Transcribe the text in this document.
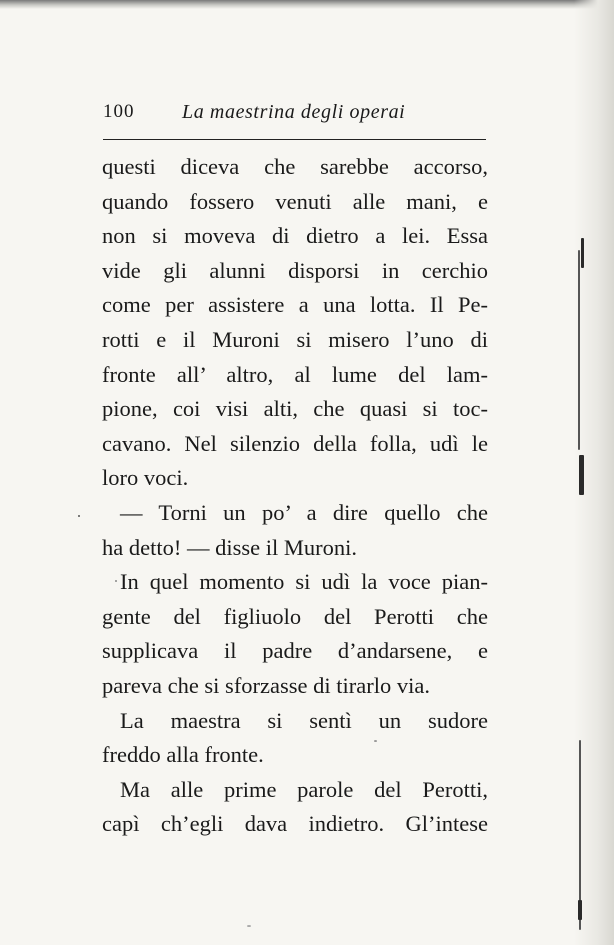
100 La maestrina degli operai
questi diceva che sarebbe accorso,
quando fossero venuti alle mani, e
non si moveva di dietro a lei. Essa
vide gli alunni disporsi in cerchio
come per assistere a una lotta. Il Pe-
rotti e il Muroni si misero l’uno di
fronte all’ altro, al lume del lam-
pione, coi visi alti, che quasi si toc-
cavano. Nel silenzio della folla, udì le
loro voci.
— Torni un po’ a dire quello che
ha detto! — disse il Muroni.
In quel momento si udì la voce pian-
gente del figliuolo del Perotti che
supplicava il padre d’andarsene, e
pareva che si sforzasse di tirarlo via.
La maestra si sentì un sudore
freddo alla fronte.
Ma alle prime parole del Perotti,
capì ch’egli dava indietro. Gl’intese
